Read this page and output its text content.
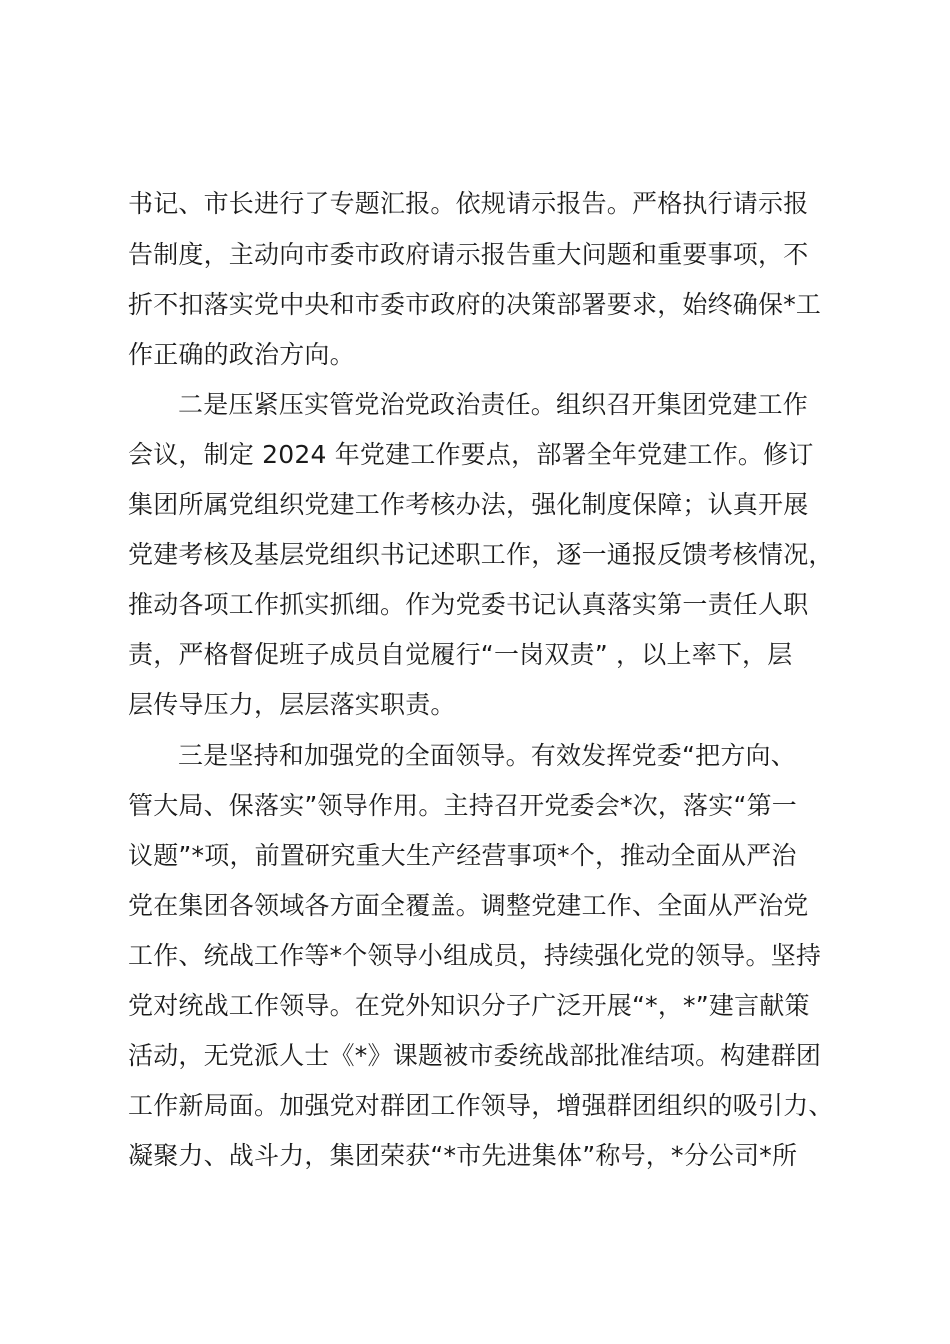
书记、市长进行了专题汇报。依规请示报告。严格执行请示报

告制度，主动向市委市政府请示报告重大问题和重要事项，不

折不扣落实党中央和市委市政府的决策部署要求，始终确保*工

作正确的政治方向。

二是压紧压实管党治党政治责任。组织召开集团党建工作

会议，制定 2024 年党建工作要点，部署全年党建工作。修订

集团所属党组织党建工作考核办法，强化制度保障；认真开展

党建考核及基层党组织书记述职工作，逐一通报反馈考核情况，

推动各项工作抓实抓细。作为党委书记认真落实第一责任人职

责，严格督促班子成员自觉履行“一岗双责” ，以上率下，层

层传导压力，层层落实职责。

三是坚持和加强党的全面领导。有效发挥党委“把方向、

管大局、保落实”领导作用。主持召开党委会*次，落实“第一

议题”*项，前置研究重大生产经营事项*个，推动全面从严治

党在集团各领域各方面全覆盖。调整党建工作、全面从严治党

工作、统战工作等*个领导小组成员，持续强化党的领导。坚持

党对统战工作领导。在党外知识分子广泛开展“*，*”建言献策

活动，无党派人士《*》课题被市委统战部批准结项。构建群团

工作新局面。加强党对群团工作领导，增强群团组织的吸引力、

凝聚力、战斗力，集团荣获“*市先进集体”称号，*分公司*所
